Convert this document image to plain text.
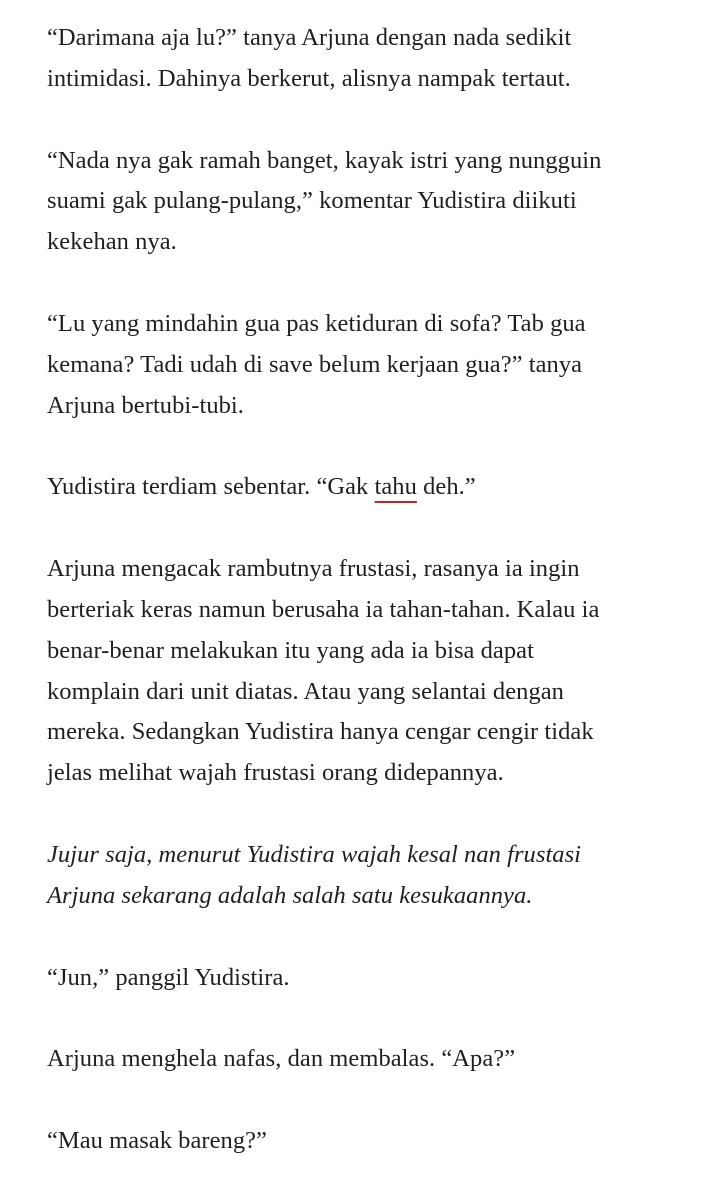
“Darimana aja lu?” tanya Arjuna dengan nada sedikit
intimidasi. Dahinya berkerut, alisnya nampak tertaut.

“Nada nya gak ramah banget, kayak istri yang nungguin
suami gak pulang-pulang,” komentar Yudistira diikuti
kekehan nya.

“Lu yang mindahin gua pas ketiduran di sofa? Tab gua
kemana? Tadi udah di save belum kerjaan gua?” tanya
Arjuna bertubi-tubi.

Yudistira terdiam sebentar. “Gak tahu deh.”

Arjuna mengacak rambutnya frustasi, rasanya ia ingin
berteriak keras namun berusaha ia tahan-tahan. Kalau ia
benar-benar melakukan itu yang ada ia bisa dapat
komplain dari unit diatas. Atau yang selantai dengan
mereka. Sedangkan Yudistira hanya cengar cengir tidak
jelas melihat wajah frustasi orang didepannya.

Jujur saja, menurut Yudistira wajah kesal nan frustasi
Arjuna sekarang adalah salah satu kesukaannya.

“Jun,” panggil Yudistira.

Arjuna menghela nafas, dan membalas. “Apa?”

“Mau masak bareng?”
